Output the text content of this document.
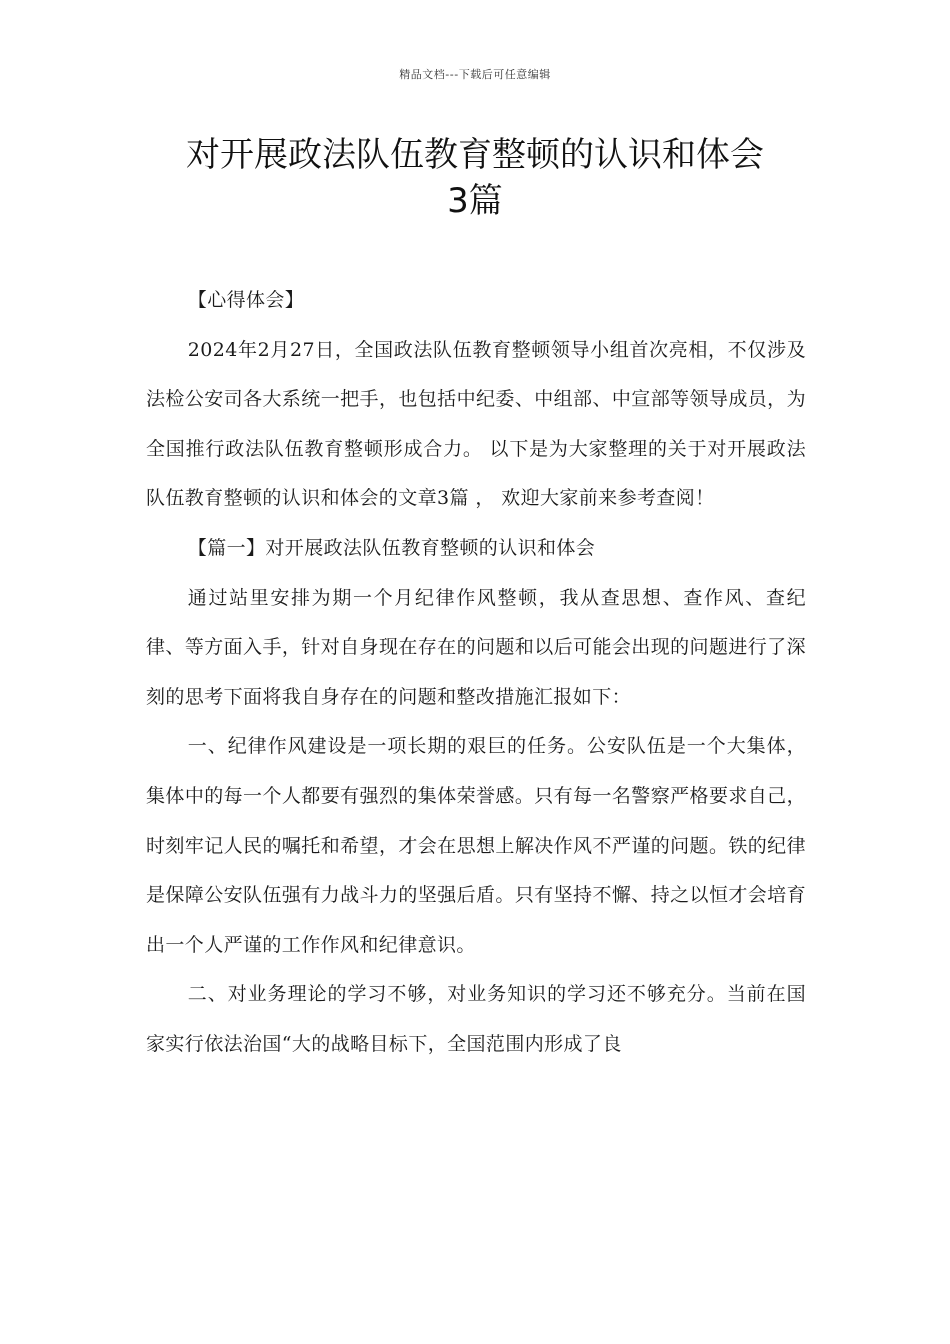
精品文档---下载后可任意编辑
对开展政法队伍教育整顿的认识和体会
3篇

【心得体会】

2024年2月27日，全国政法队伍教育整顿领导小组首次亮相，不仅涉及法检公安司各大系统一把手，也包括中纪委、中组部、中宣部等领导成员，为全国推行政法队伍教育整顿形成合力。 以下是为大家整理的关于对开展政法队伍教育整顿的认识和体会的文章3篇 ， 欢迎大家前来参考查阅！

【篇一】对开展政法队伍教育整顿的认识和体会

通过站里安排为期一个月纪律作风整顿，我从查思想、查作风、查纪律、等方面入手，针对自身现在存在的问题和以后可能会出现的问题进行了深刻的思考下面将我自身存在的问题和整改措施汇报如下：

一、纪律作风建设是一项长期的艰巨的任务。公安队伍是一个大集体，集体中的每一个人都要有强烈的集体荣誉感。只有每一名警察严格要求自己，时刻牢记人民的嘱托和希望，才会在思想上解决作风不严谨的问题。铁的纪律是保障公安队伍强有力战斗力的坚强后盾。只有坚持不懈、持之以恒才会培育出一个人严谨的工作作风和纪律意识。

二、对业务理论的学习不够，对业务知识的学习还不够充分。当前在国家实行依法治国“大的战略目标下，全国范围内形成了良
